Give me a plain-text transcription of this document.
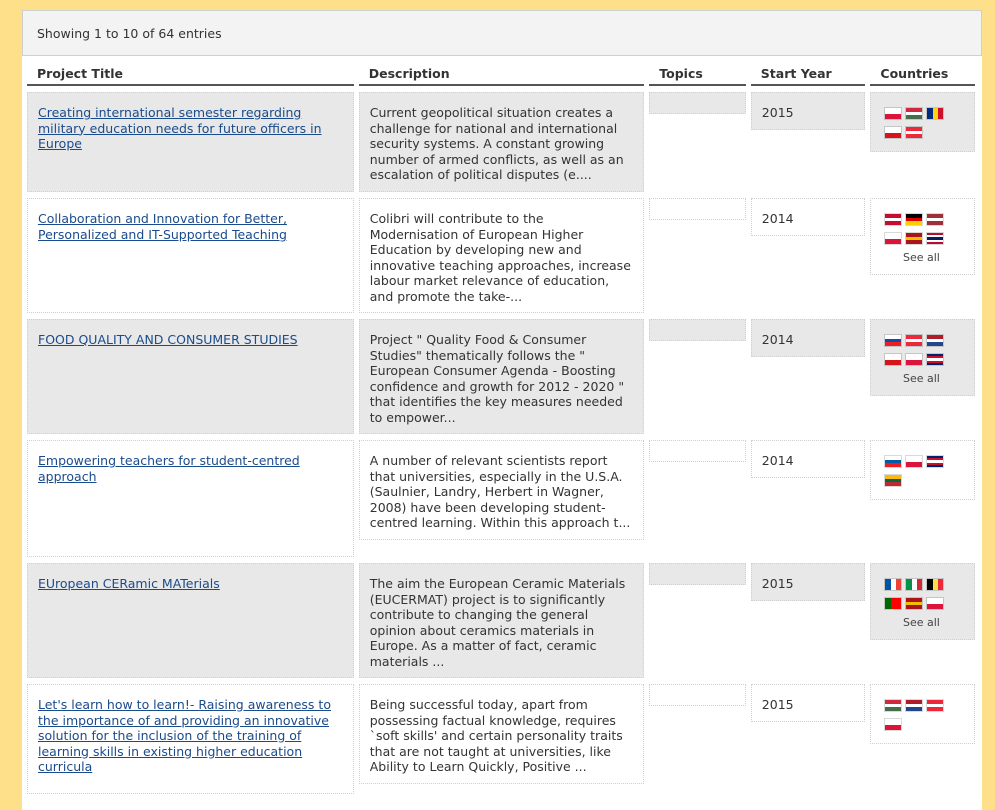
Showing 1 to 10 of 64 entries
Project Title	Description	Topics	Start Year	Countries

Creating international semester regarding military education needs for future officers in Europe	Current geopolitical situation creates a challenge for national and international security systems. A constant growing number of armed conflicts, as well as an escalation of political disputes (e....		2015	

Collaboration and Innovation for Better, Personalized and IT-Supported Teaching	Colibri will contribute to the Modernisation of European Higher Education by developing new and innovative teaching approaches, increase labour market relevance of education, and promote the take-...		2014	See all

FOOD QUALITY AND CONSUMER STUDIES	Project " Quality Food & Consumer Studies" thematically follows the " European Consumer Agenda - Boosting confidence and growth for 2012 - 2020 " that identifies the key measures needed to empower...		2014	See all

Empowering teachers for student-centred approach	A number of relevant scientists report that universities, especially in the U.S.A. (Saulnier, Landry, Herbert in Wagner, 2008) have been developing student-centred learning. Within this approach t...		2014	

EUropean CERamic MATerials	The aim the European Ceramic Materials (EUCERMAT) project is to significantly contribute to changing the general opinion about ceramics materials in Europe. As a matter of fact, ceramic materials ...		2015	See all

Let's learn how to learn!- Raising awareness to the importance of and providing an innovative solution for the inclusion of the training of learning skills in existing higher education curricula	Being successful today, apart from possessing factual knowledge, requires `soft skills' and certain personality traits that are not taught at universities, like Ability to Learn Quickly, Positive ...		2015	
